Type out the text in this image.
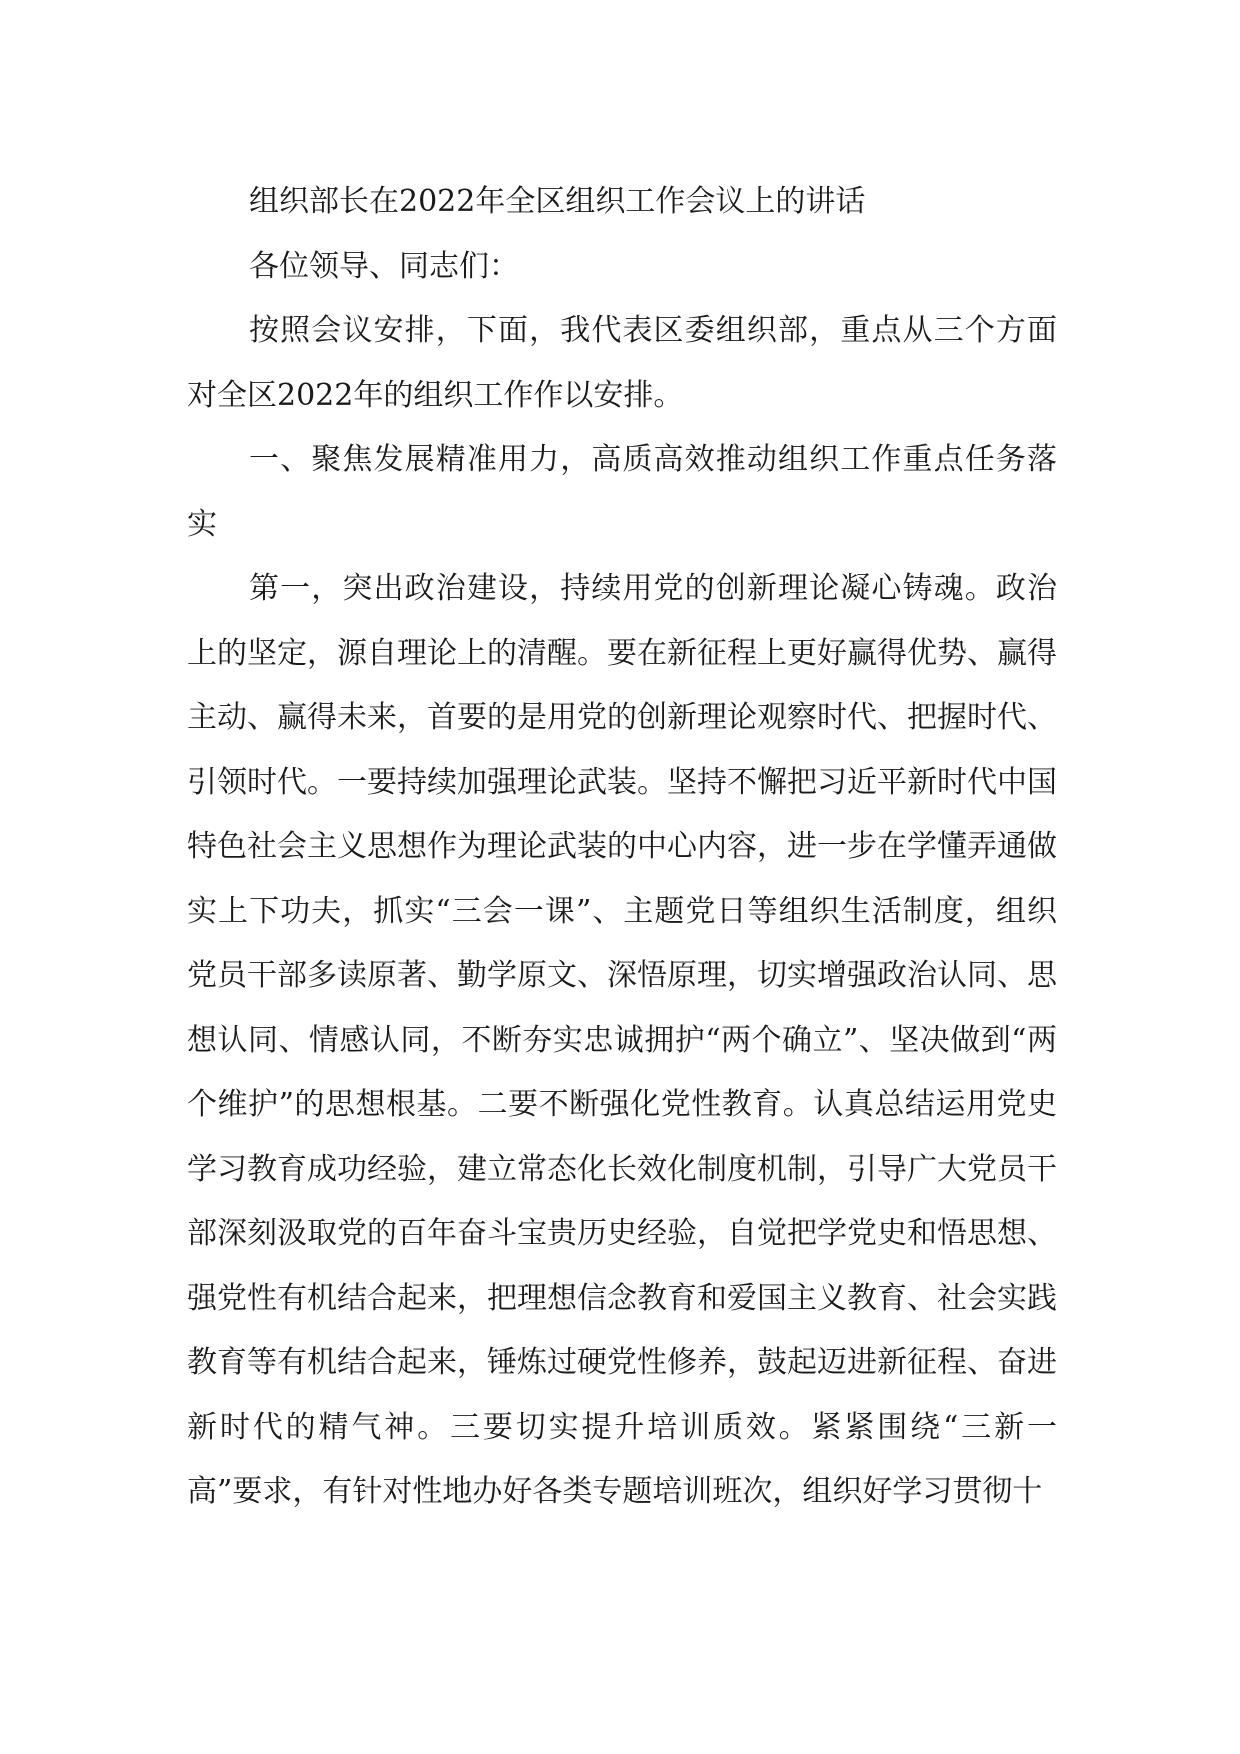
组织部长在2022年全区组织工作会议上的讲话

各位领导、同志们：

按照会议安排，下面，我代表区委组织部，重点从三个方面对全区2022年的组织工作作以安排。

一、聚焦发展精准用力，高质高效推动组织工作重点任务落实

第一，突出政治建设，持续用党的创新理论凝心铸魂。政治上的坚定，源自理论上的清醒。要在新征程上更好赢得优势、赢得主动、赢得未来，首要的是用党的创新理论观察时代、把握时代、引领时代。一要持续加强理论武装。坚持不懈把习近平新时代中国特色社会主义思想作为理论武装的中心内容，进一步在学懂弄通做实上下功夫，抓实“三会一课”、主题党日等组织生活制度，组织党员干部多读原著、勤学原文、深悟原理，切实增强政治认同、思想认同、情感认同，不断夯实忠诚拥护“两个确立”、坚决做到“两个维护”的思想根基。二要不断强化党性教育。认真总结运用党史学习教育成功经验，建立常态化长效化制度机制，引导广大党员干部深刻汲取党的百年奋斗宝贵历史经验，自觉把学党史和悟思想、强党性有机结合起来，把理想信念教育和爱国主义教育、社会实践教育等有机结合起来，锤炼过硬党性修养，鼓起迈进新征程、奋进新时代的精气神。三要切实提升培训质效。紧紧围绕“三新一高”要求，有针对性地办好各类专题培训班次，组织好学习贯彻十
